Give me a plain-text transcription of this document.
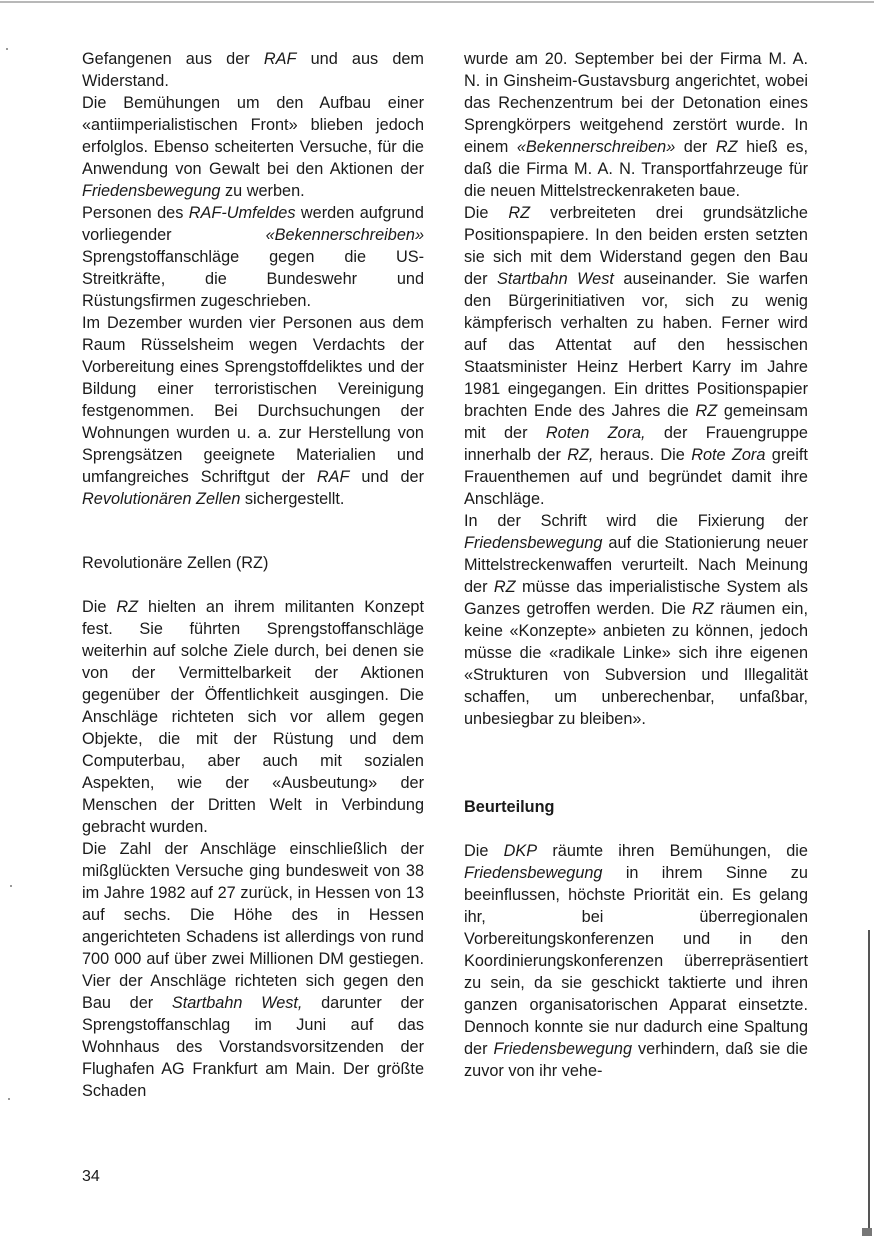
Gefangenen aus der RAF und aus dem Widerstand.

Die Bemühungen um den Aufbau einer «antiimperialistischen Front» blieben jedoch erfolglos. Ebenso scheiterten Versuche, für die Anwendung von Gewalt bei den Aktionen der Friedensbewegung zu werben.

Personen des RAF-Umfeldes werden aufgrund vorliegender «Bekennerschreiben» Sprengstoffanschläge gegen die US-Streitkräfte, die Bundeswehr und Rüstungsfirmen zugeschrieben.

Im Dezember wurden vier Personen aus dem Raum Rüsselsheim wegen Verdachts der Vorbereitung eines Sprengstoffdeliktes und der Bildung einer terroristischen Vereinigung festgenommen. Bei Durchsuchungen der Wohnungen wurden u. a. zur Herstellung von Sprengsätzen geeignete Materialien und umfangreiches Schriftgut der RAF und der Revolutionären Zellen sichergestellt.

Revolutionäre Zellen (RZ)

Die RZ hielten an ihrem militanten Konzept fest. Sie führten Sprengstoffanschläge weiterhin auf solche Ziele durch, bei denen sie von der Vermittelbarkeit der Aktionen gegenüber der Öffentlichkeit ausgingen. Die Anschläge richteten sich vor allem gegen Objekte, die mit der Rüstung und dem Computerbau, aber auch mit sozialen Aspekten, wie der «Ausbeutung» der Menschen der Dritten Welt in Verbindung gebracht wurden.

Die Zahl der Anschläge einschließlich der mißglückten Versuche ging bundesweit von 38 im Jahre 1982 auf 27 zurück, in Hessen von 13 auf sechs. Die Höhe des in Hessen angerichteten Schadens ist allerdings von rund 700 000 auf über zwei Millionen DM gestiegen. Vier der Anschläge richteten sich gegen den Bau der Startbahn West, darunter der Sprengstoffanschlag im Juni auf das Wohnhaus des Vorstandsvorsitzenden der Flughafen AG Frankfurt am Main. Der größte Schaden

wurde am 20. September bei der Firma M. A. N. in Ginsheim-Gustavsburg angerichtet, wobei das Rechenzentrum bei der Detonation eines Sprengkörpers weitgehend zerstört wurde. In einem «Bekennerschreiben» der RZ hieß es, daß die Firma M. A. N. Transportfahrzeuge für die neuen Mittelstreckenraketen baue.

Die RZ verbreiteten drei grundsätzliche Positionspapiere. In den beiden ersten setzten sie sich mit dem Widerstand gegen den Bau der Startbahn West auseinander. Sie warfen den Bürgerinitiativen vor, sich zu wenig kämpferisch verhalten zu haben. Ferner wird auf das Attentat auf den hessischen Staatsminister Heinz Herbert Karry im Jahre 1981 eingegangen. Ein drittes Positionspapier brachten Ende des Jahres die RZ gemeinsam mit der Roten Zora, der Frauengruppe innerhalb der RZ, heraus. Die Rote Zora greift Frauenthemen auf und begründet damit ihre Anschläge.

In der Schrift wird die Fixierung der Friedensbewegung auf die Stationierung neuer Mittelstreckenwaffen verurteilt. Nach Meinung der RZ müsse das imperialistische System als Ganzes getroffen werden. Die RZ räumen ein, keine «Konzepte» anbieten zu können, jedoch müsse die «radikale Linke» sich ihre eigenen «Strukturen von Subversion und Illegalität schaffen, um unberechenbar, unfaßbar, unbesiegbar zu bleiben».

Beurteilung

Die DKP räumte ihren Bemühungen, die Friedensbewegung in ihrem Sinne zu beeinflussen, höchste Priorität ein. Es gelang ihr, bei überregionalen Vorbereitungskonferenzen und in den Koordinierungskonferenzen überrepräsentiert zu sein, da sie geschickt taktierte und ihren ganzen organisatorischen Apparat einsetzte. Dennoch konnte sie nur dadurch eine Spaltung der Friedensbewegung verhindern, daß sie die zuvor von ihr vehe-

34
